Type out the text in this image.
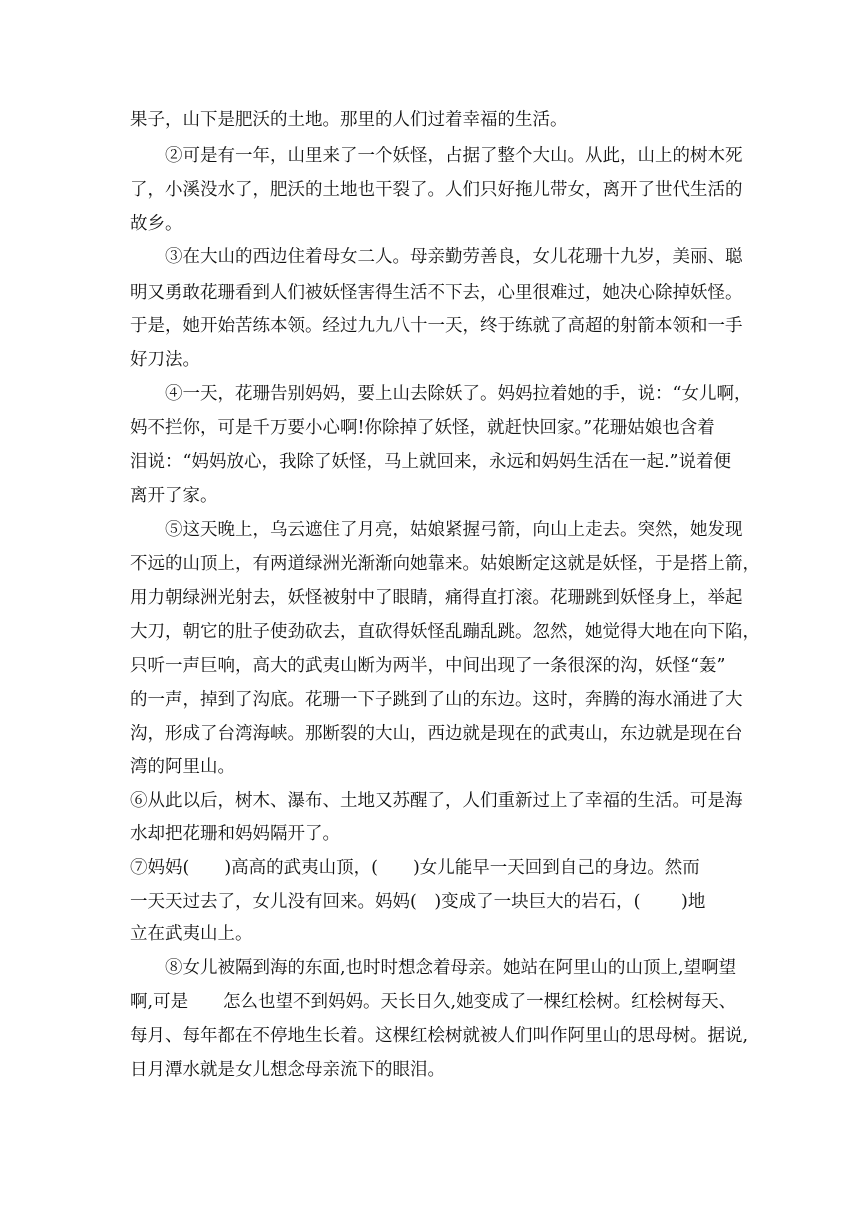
果子，山下是肥沃的土地。那里的人们过着幸福的生活。
②可是有一年，山里来了一个妖怪，占据了整个大山。从此，山上的树木死
了，小溪没水了，肥沃的土地也干裂了。人们只好拖儿带女，离开了世代生活的
故乡。
③在大山的西边住着母女二人。母亲勤劳善良，女儿花珊十九岁，美丽、聪
明又勇敢花珊看到人们被妖怪害得生活不下去，心里很难过，她决心除掉妖怪。
于是，她开始苦练本领。经过九九八十一天，终于练就了高超的射箭本领和一手
好刀法。
④一天，花珊告别妈妈，要上山去除妖了。妈妈拉着她的手，说：“女儿啊，
妈不拦你，可是千万要小心啊!你除掉了妖怪，就赶快回家。”花珊姑娘也含着
泪说：“妈妈放心，我除了妖怪，马上就回来，永远和妈妈生活在一起.”说着便
离开了家。
⑤这天晚上，乌云遮住了月亮，姑娘紧握弓箭，向山上走去。突然，她发现
不远的山顶上，有两道绿洲光渐渐向她靠来。姑娘断定这就是妖怪，于是搭上箭，
用力朝绿洲光射去，妖怪被射中了眼睛，痛得直打滚。花珊跳到妖怪身上，举起
大刀，朝它的肚子使劲砍去，直砍得妖怪乱蹦乱跳。忽然，她觉得大地在向下陷，
只听一声巨响，高大的武夷山断为两半，中间出现了一条很深的沟，妖怪“轰”
的一声，掉到了沟底。花珊一下子跳到了山的东边。这时，奔腾的海水涌进了大
沟，形成了台湾海峡。那断裂的大山，西边就是现在的武夷山，东边就是现在台
湾的阿里山。
⑥从此以后，树木、瀑布、土地又苏醒了，人们重新过上了幸福的生活。可是海
水却把花珊和妈妈隔开了。
⑦妈妈(　　)高高的武夷山顶，(　　)女儿能早一天回到自己的身边。然而
一天天过去了，女儿没有回来。妈妈(　)变成了一块巨大的岩石，(　　 )地
立在武夷山上。
⑧女儿被隔到海的东面,也时时想念着母亲。她站在阿里山的山顶上,望啊望
啊,可是　　怎么也望不到妈妈。天长日久,她变成了一棵红桧树。红桧树每天、
每月、每年都在不停地生长着。这棵红桧树就被人们叫作阿里山的思母树。据说,
日月潭水就是女儿想念母亲流下的眼泪。
